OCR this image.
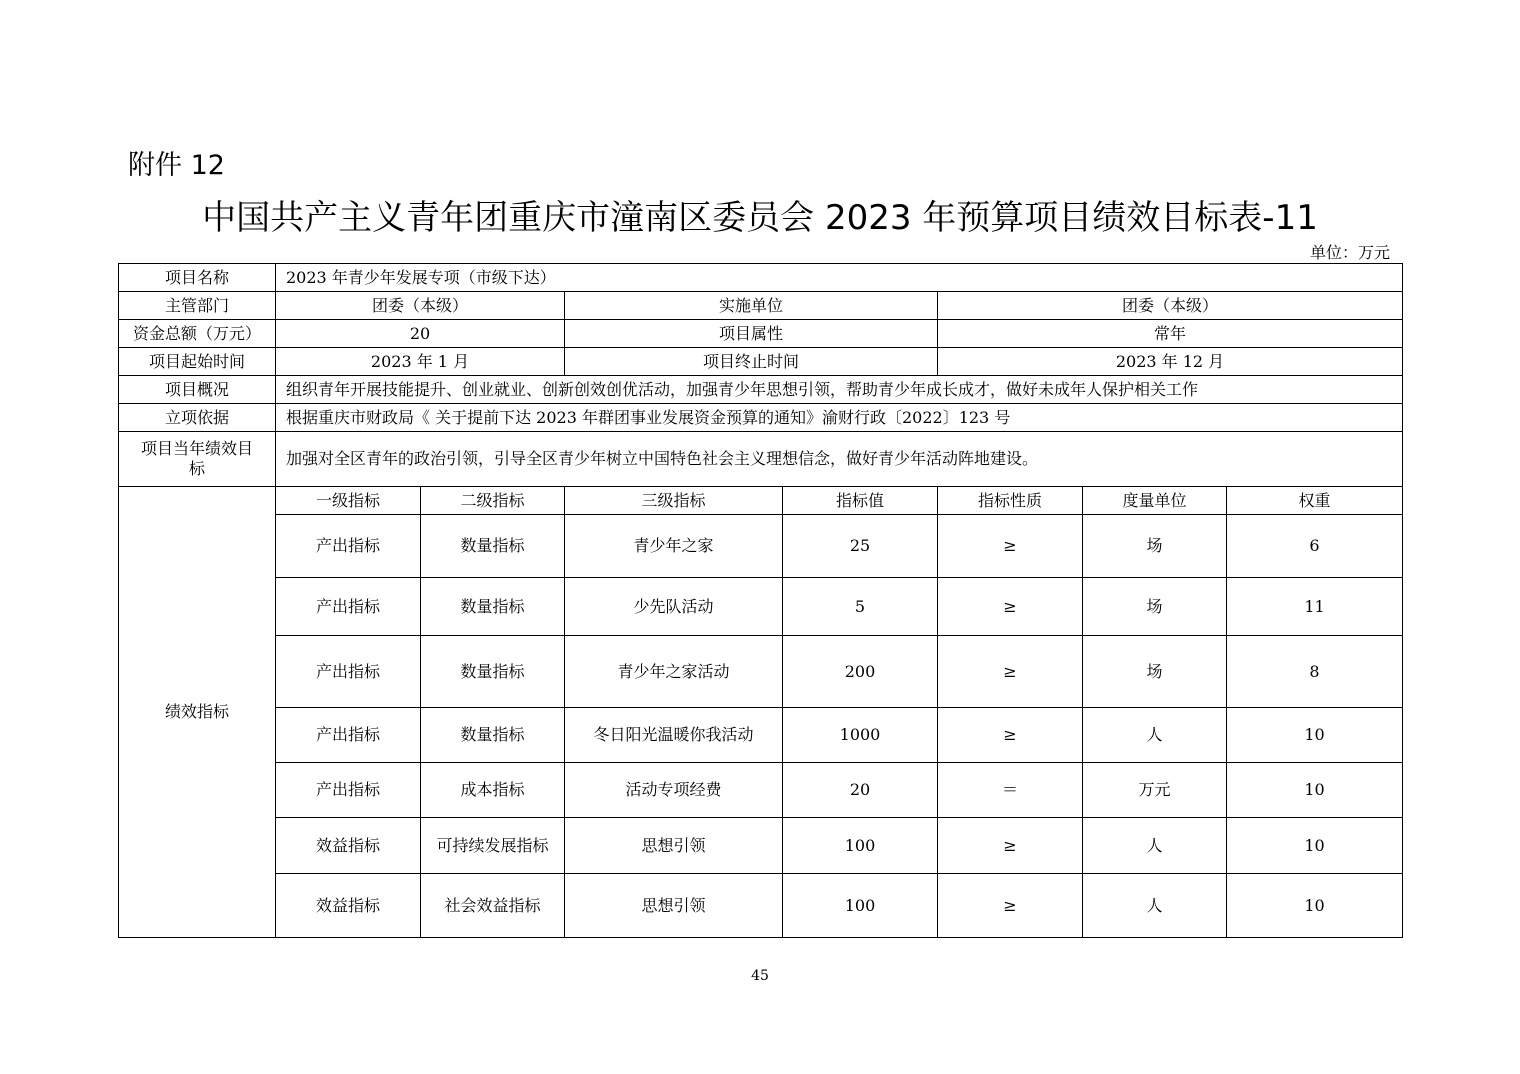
附件 12
中国共产主义青年团重庆市潼南区委员会 2023 年预算项目绩效目标表-11
单位：万元
项目名称	2023 年青少年发展专项（市级下达）						
主管部门	团委（本级）		实施单位		团委（本级）		
资金总额（万元）	20		项目属性		常年		
项目起始时间	2023 年 1 月		项目终止时间		2023 年 12 月		
项目概况	组织青年开展技能提升、创业就业、创新创效创优活动，加强青少年思想引领，帮助青少年成长成才，做好未成年人保护相关工作						
立项依据	根据重庆市财政局《 关于提前下达 2023 年群团事业发展资金预算的通知》渝财行政〔2022〕123 号						

项目当年绩效目
标	加强对全区青年的政治引领，引导全区青少年树立中国特色社会主义理想信念，做好青少年活动阵地建设。						
绩效指标	一级指标	二级指标	三级指标	指标值	指标性质	度量单位	权重
	产出指标	数量指标	青少年之家	25	≥	场	6
	产出指标	数量指标	少先队活动	5	≥	场	11
	产出指标	数量指标	青少年之家活动	200	≥	场	8
	产出指标	数量指标	冬日阳光温暖你我活动	1000	≥	人	10
	产出指标	成本指标	活动专项经费	20	＝	万元	10
	效益指标	可持续发展指标	思想引领	100	≥	人	10
	效益指标	社会效益指标	思想引领	100	≥	人	10
45
